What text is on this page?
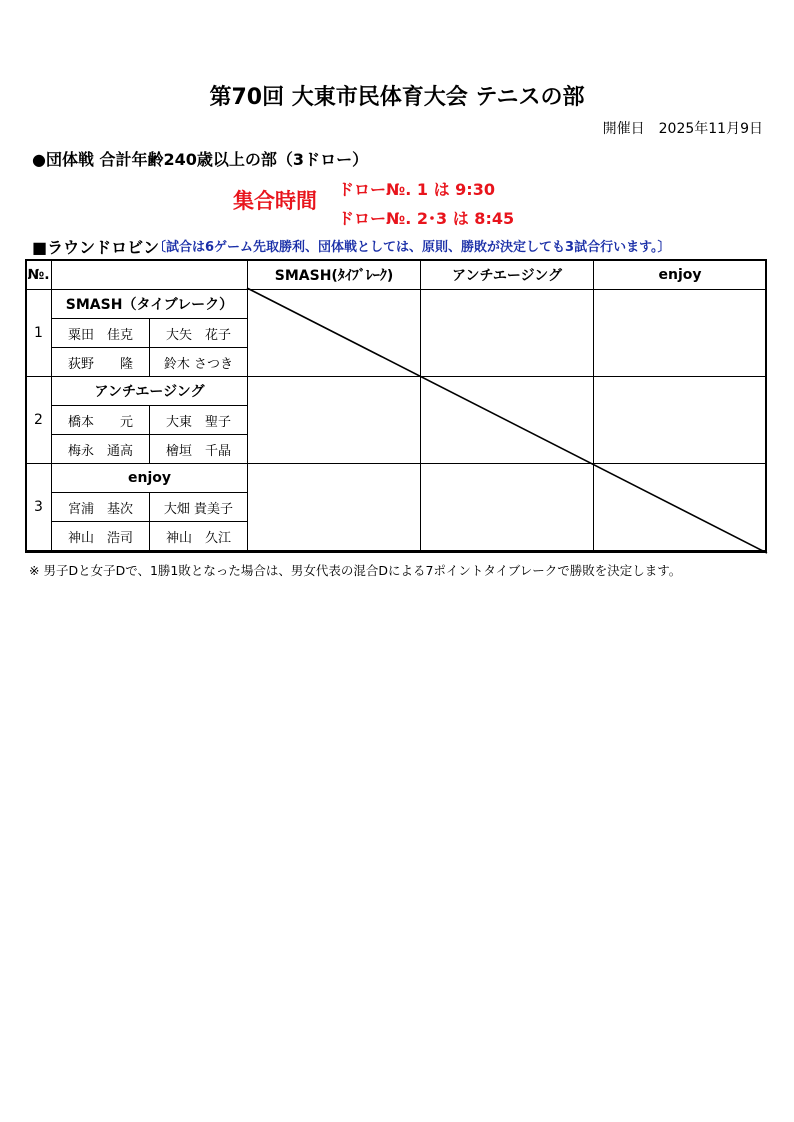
第70回 大東市民体育大会 テニスの部
開催日　2025年11月9日
●団体戦 合計年齢240歳以上の部（3ドロー）
集合時間 ドロー№. 1 は 9:30
ドロー№. 2･3 は 8:45
■ラウンドロビン
〔試合は6ゲーム先取勝利、団体戦としては、原則、勝敗が決定しても3試合行います。〕
№.			SMASH(ﾀｲﾌﾞﾚｰｸ)	アンチエージング	enjoy
1	SMASH（タイブレーク）				
	粟田　佳克	大矢　花子			
	荻野　　隆	鈴木 さつき			
2	アンチエージング				
	橋本　　元	大東　聖子			
	梅永　通高	檜垣　千晶			
3	enjoy				
	宮浦　基次	大畑 貴美子			
	神山　浩司	神山　久江			
※ 男子Dと女子Dで、1勝1敗となった場合は、男女代表の混合Dによる7ポイントタイブレークで勝敗を決定します。
